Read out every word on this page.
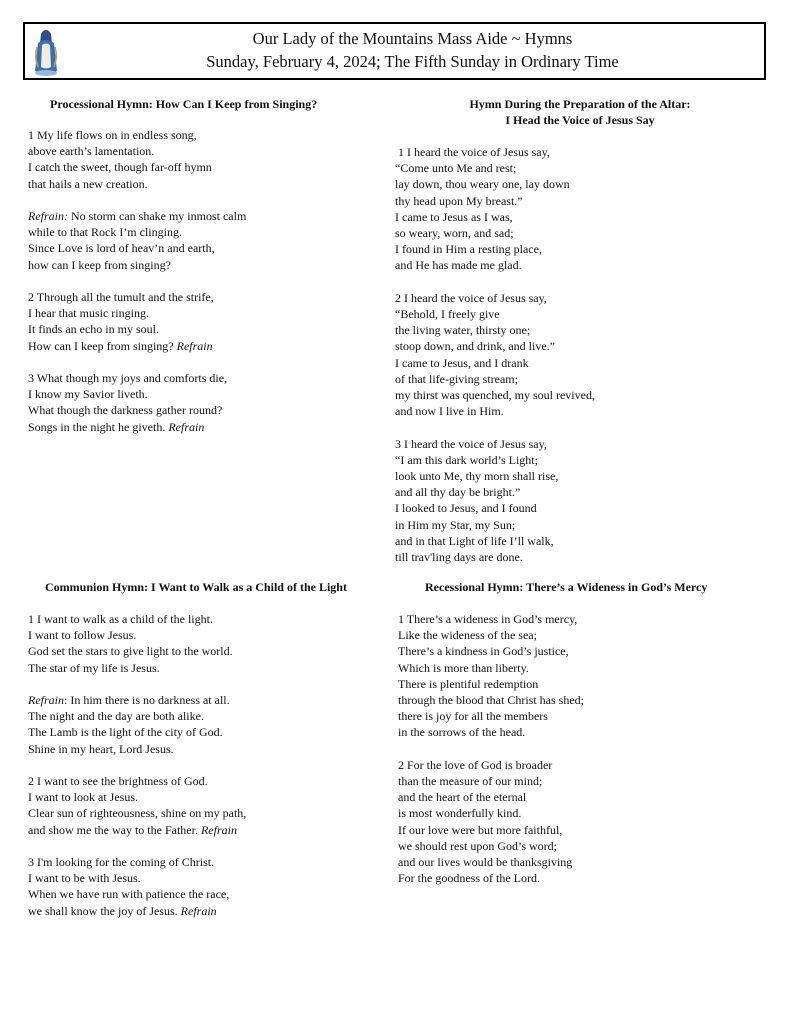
Our Lady of the Mountains Mass Aide ~ Hymns
Sunday, February 4, 2024; The Fifth Sunday in Ordinary Time
Processional Hymn: How Can I Keep from Singing?
1 My life flows on in endless song,
above earth’s lamentation.
I catch the sweet, though far-off hymn
that hails a new creation.
Refrain: No storm can shake my inmost calm
while to that Rock I’m clinging.
Since Love is lord of heav’n and earth,
how can I keep from singing?
2 Through all the tumult and the strife,
I hear that music ringing.
It finds an echo in my soul.
How can I keep from singing? Refrain
3 What though my joys and comforts die,
I know my Savior liveth.
What though the darkness gather round?
Songs in the night he giveth. Refrain
Hymn During the Preparation of the Altar:
I Head the Voice of Jesus Say
1 I heard the voice of Jesus say,
“Come unto Me and rest;
lay down, thou weary one, lay down
thy head upon My breast.”
I came to Jesus as I was,
so weary, worn, and sad;
I found in Him a resting place,
and He has made me glad.
2 I heard the voice of Jesus say,
“Behold, I freely give
the living water, thirsty one;
stoop down, and drink, and live.”
I came to Jesus, and I drank
of that life-giving stream;
my thirst was quenched, my soul revived,
and now I live in Him.
3 I heard the voice of Jesus say,
“I am this dark world’s Light;
look unto Me, thy morn shall rise,
and all thy day be bright.”
I looked to Jesus, and I found
in Him my Star, my Sun;
and in that Light of life I’ll walk,
till trav'ling days are done.
Communion Hymn: I Want to Walk as a Child of the Light
1 I want to walk as a child of the light.
I want to follow Jesus.
God set the stars to give light to the world.
The star of my life is Jesus.
Refrain: In him there is no darkness at all.
The night and the day are both alike.
The Lamb is the light of the city of God.
Shine in my heart, Lord Jesus.
2 I want to see the brightness of God.
I want to look at Jesus.
Clear sun of righteousness, shine on my path,
and show me the way to the Father. Refrain
3 I'm looking for the coming of Christ.
I want to be with Jesus.
When we have run with patience the race,
we shall know the joy of Jesus. Refrain
Recessional Hymn: There’s a Wideness in God’s Mercy
1 There’s a wideness in God’s mercy,
Like the wideness of the sea;
There’s a kindness in God’s justice,
Which is more than liberty.
There is plentiful redemption
through the blood that Christ has shed;
there is joy for all the members
in the sorrows of the head.
2 For the love of God is broader
than the measure of our mind;
and the heart of the eternal
is most wonderfully kind.
If our love were but more faithful,
we should rest upon God’s word;
and our lives would be thanksgiving
For the goodness of the Lord.
